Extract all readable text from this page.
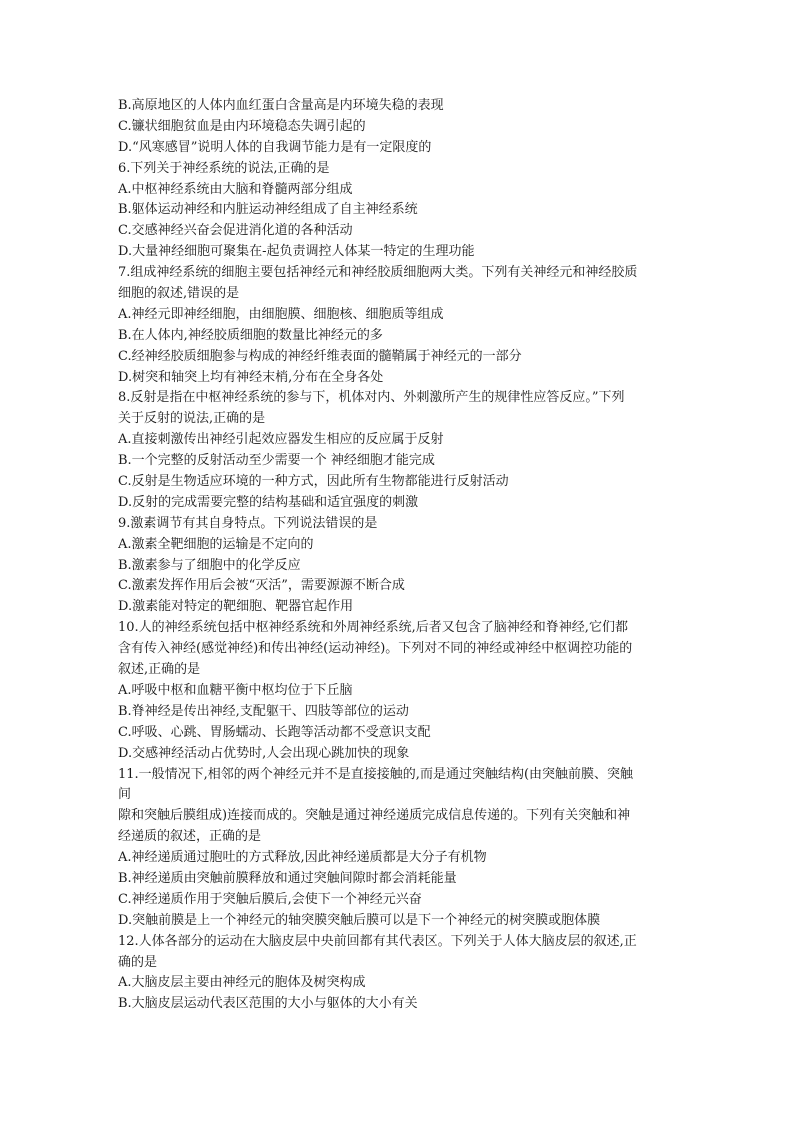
B.高原地区的人体内血红蛋白含量高是内环境失稳的表现
C.镰状细胞贫血是由内环境稳态失调引起的
D.“风寒感冒”说明人体的自我调节能力是有一定限度的
6.下列关于神经系统的说法,正确的是
A.中枢神经系统由大脑和脊髓两部分组成
B.躯体运动神经和内脏运动神经组成了自主神经系统
C.交感神经兴奋会促进消化道的各种活动
D.大量神经细胞可聚集在-起负责调控人体某一特定的生理功能
7.组成神经系统的细胞主要包括神经元和神经胶质细胞两大类。下列有关神经元和神经胶质
细胞的叙述,错误的是
A.神经元即神经细胞，由细胞膜、细胞核、细胞质等组成
B.在人体内,神经胶质细胞的数量比神经元的多
C.经神经胶质细胞参与构成的神经纤维表面的髓鞘属于神经元的一部分
D.树突和轴突上均有神经末梢,分布在全身各处
8.反射是指在中枢神经系统的参与下，机体对内、外刺激所产生的规律性应答反应。”下列
关于反射的说法,正确的是
A.直接刺激传出神经引起效应器发生相应的反应属于反射
B.一个完整的反射活动至少需要一个 神经细胞才能完成
C.反射是生物适应环境的一种方式，因此所有生物都能进行反射活动
D.反射的完成需要完整的结构基础和适宜强度的刺激
9.激素调节有其自身特点。下列说法错误的是
A.激素全靶细胞的运输是不定向的
B.激素参与了细胞中的化学反应
C.激素发挥作用后会被“灭活”，需要源源不断合成
D.激素能对特定的靶细胞、靶器官起作用
10.人的神经系统包括中枢神经系统和外周神经系统,后者又包含了脑神经和脊神经,它们都
含有传入神经(感觉神经)和传出神经(运动神经)。下列对不同的神经或神经中枢调控功能的
叙述,正确的是
A.呼吸中枢和血糖平衡中枢均位于下丘脑
B.脊神经是传出神经,支配躯干、四肢等部位的运动
C.呼吸、心跳、胃肠蠕动、长跑等活动都不受意识支配
D.交感神经活动占优势时,人会出现心跳加快的现象
11.一般情况下,相邻的两个神经元并不是直接接触的,而是通过突触结构(由突触前膜、突触
间
隙和突触后膜组成)连接而成的。突触是通过神经递质完成信息传递的。下列有关突触和神
经递质的叙述，正确的是
A.神经递质通过胞吐的方式释放,因此神经递质都是大分子有机物
B.神经递质由突触前膜释放和通过突触间隙时都会消耗能量
C.神经递质作用于突触后膜后,会使下一个神经元兴奋
D.突触前膜是上一个神经元的轴突膜突触后膜可以是下一个神经元的树突膜或胞体膜
12.人体各部分的运动在大脑皮层中央前回都有其代表区。下列关于人体大脑皮层的叙述,正
确的是
A.大脑皮层主要由神经元的胞体及树突构成
B.大脑皮层运动代表区范围的大小与躯体的大小有关
